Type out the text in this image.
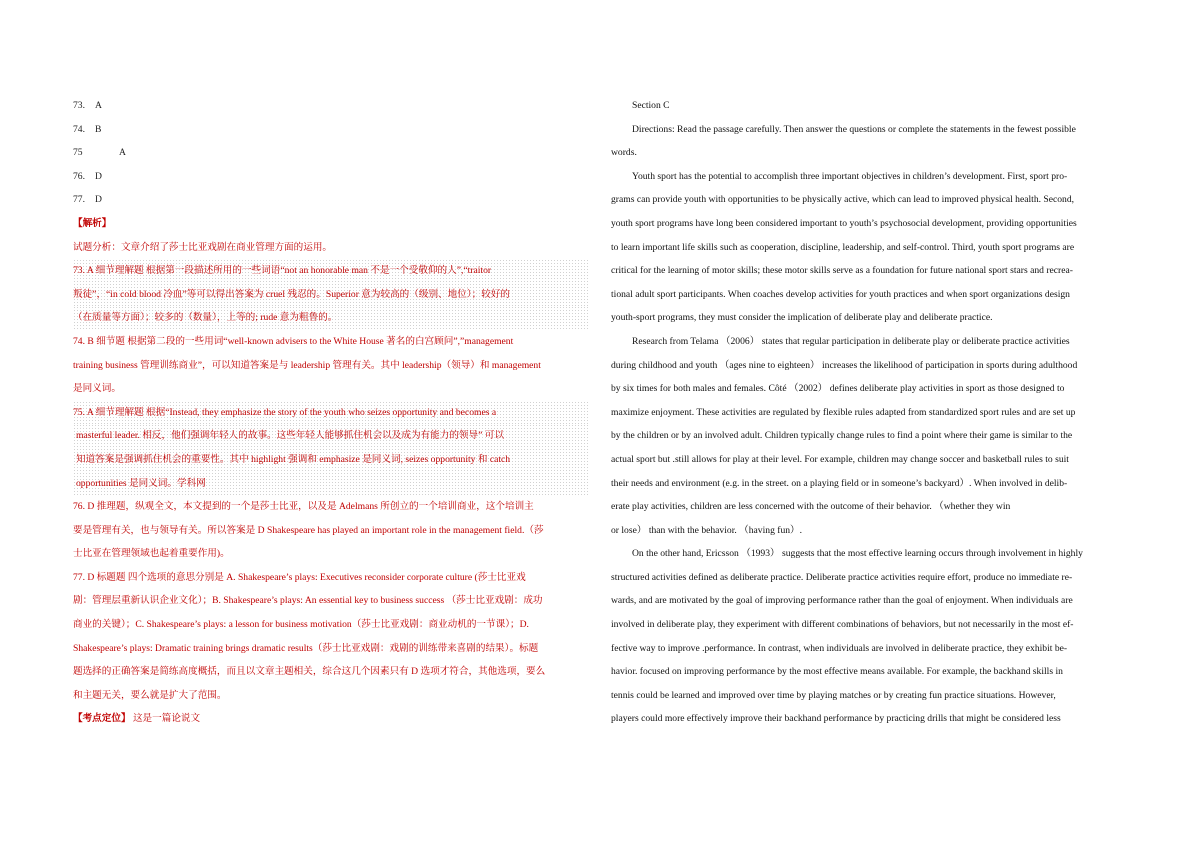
73. A
74. B
75	A
76. D
77. D
【解析】
试题分析：文章介绍了莎士比亚戏剧在商业管理方面的运用。
73. A 细节理解题 根据第一段描述所用的一些词语“not an honorable man 不是一个受敬仰的人”,“traitor
叛徒”，“in cold blood 冷血”等可以得出答案为 cruel 残忍的。Superior 意为较高的（级别、地位）；较好的
（在质量等方面）；较多的（数量），上等的; rude 意为粗鲁的。
74. B 细节题 根据第二段的一些用词“well-known advisers to the White House 著名的白宫顾问”,”management
training business 管理训练商业”，可以知道答案是与 leadership 管理有关。其中 leadership（领导）和 management
是同义词。
75. A 细节理解题 根据“Instead, they emphasize the story of the youth who seizes opportunity and becomes a
masterful leader. 相反，他们强调年轻人的故事。这些年轻人能够抓住机会以及成为有能力的领导” 可以
知道答案是强调抓住机会的重要性。其中 highlight 强调和 emphasize 是同义词, seizes opportunity 和 catch
opportunities 是同义词。学科网
76. D 推理题，纵观全文，本文提到的一个是莎士比亚，以及是 Adelmans 所创立的一个培训商业，这个培训主
要是管理有关，也与领导有关。所以答案是 D Shakespeare has played an important role in the management field.（莎
士比亚在管理领域也起着重要作用)。
77. D 标题题 四个选项的意思分别是 A. Shakespeare’s plays: Executives reconsider corporate culture (莎士比亚戏
剧：管理层重新认识企业文化）；B. Shakespeare’s plays: An essential key to business success （莎士比亚戏剧：成功
商业的关键）；C. Shakespeare’s plays: a lesson for business motivation（莎士比亚戏剧：商业动机的一节课）；D.
Shakespeare’s plays: Dramatic training brings dramatic results（莎士比亚戏剧：戏剧的训练带来喜剧的结果）。标题
题选择的正确答案是简练高度概括，而且以文章主题相关，综合这几个因素只有 D 选项才符合，其他选项，要么
和主题无关，要么就是扩大了范围。
【考点定位】 这是一篇论说文
Section C
Directions: Read the passage carefully. Then answer the questions or complete the statements in the fewest possible
words.
Youth sport has the potential to accomplish three important objectives in children’s development. First, sport pro-
grams can provide youth with opportunities to be physically active, which can lead to improved physical health. Second,
youth sport programs have long been considered important to youth’s psychosocial development, providing opportunities
to learn important life skills such as cooperation, discipline, leadership, and self-control. Third, youth sport programs are
critical for the learning of motor skills; these motor skills serve as a foundation for future national sport stars and recrea-
tional adult sport participants. When coaches develop activities for youth practices and when sport organizations design
youth-sport programs, they must consider the implication of deliberate play and deliberate practice.
Research from Telama （2006） states that regular participation in deliberate play or deliberate practice activities
during childhood and youth （ages nine to eighteen） increases the likelihood of participation in sports during adulthood
by six times for both males and females. Côté （2002） defines deliberate play activities in sport as those designed to
maximize enjoyment. These activities are regulated by flexible rules adapted from standardized sport rules and are set up
by the children or by an involved adult. Children typically change rules to find a point where their game is similar to the
actual sport but .still allows for play at their level. For example, children may change soccer and basketball rules to suit
their needs and environment (e.g. in the street. on a playing field or in someone’s backyard）. When involved in delib-
erate play activities, children are less concerned with the outcome of their behavior. （whether they win
or lose） than with the behavior. （having fun）.
On the other hand, Ericsson （1993） suggests that the most effective learning occurs through involvement in highly
structured activities defined as deliberate practice. Deliberate practice activities require effort, produce no immediate re-
wards, and are motivated by the goal of improving performance rather than the goal of enjoyment. When individuals are
involved in deliberate play, they experiment with different combinations of behaviors, but not necessarily in the most ef-
fective way to improve .performance. In contrast, when individuals are involved in deliberate practice, they exhibit be-
havior. focused on improving performance by the most effective means available. For example, the backhand skills in
tennis could be learned and improved over time by playing matches or by creating fun practice situations. However,
players could more effectively improve their backhand performance by practicing drills that might be considered less
